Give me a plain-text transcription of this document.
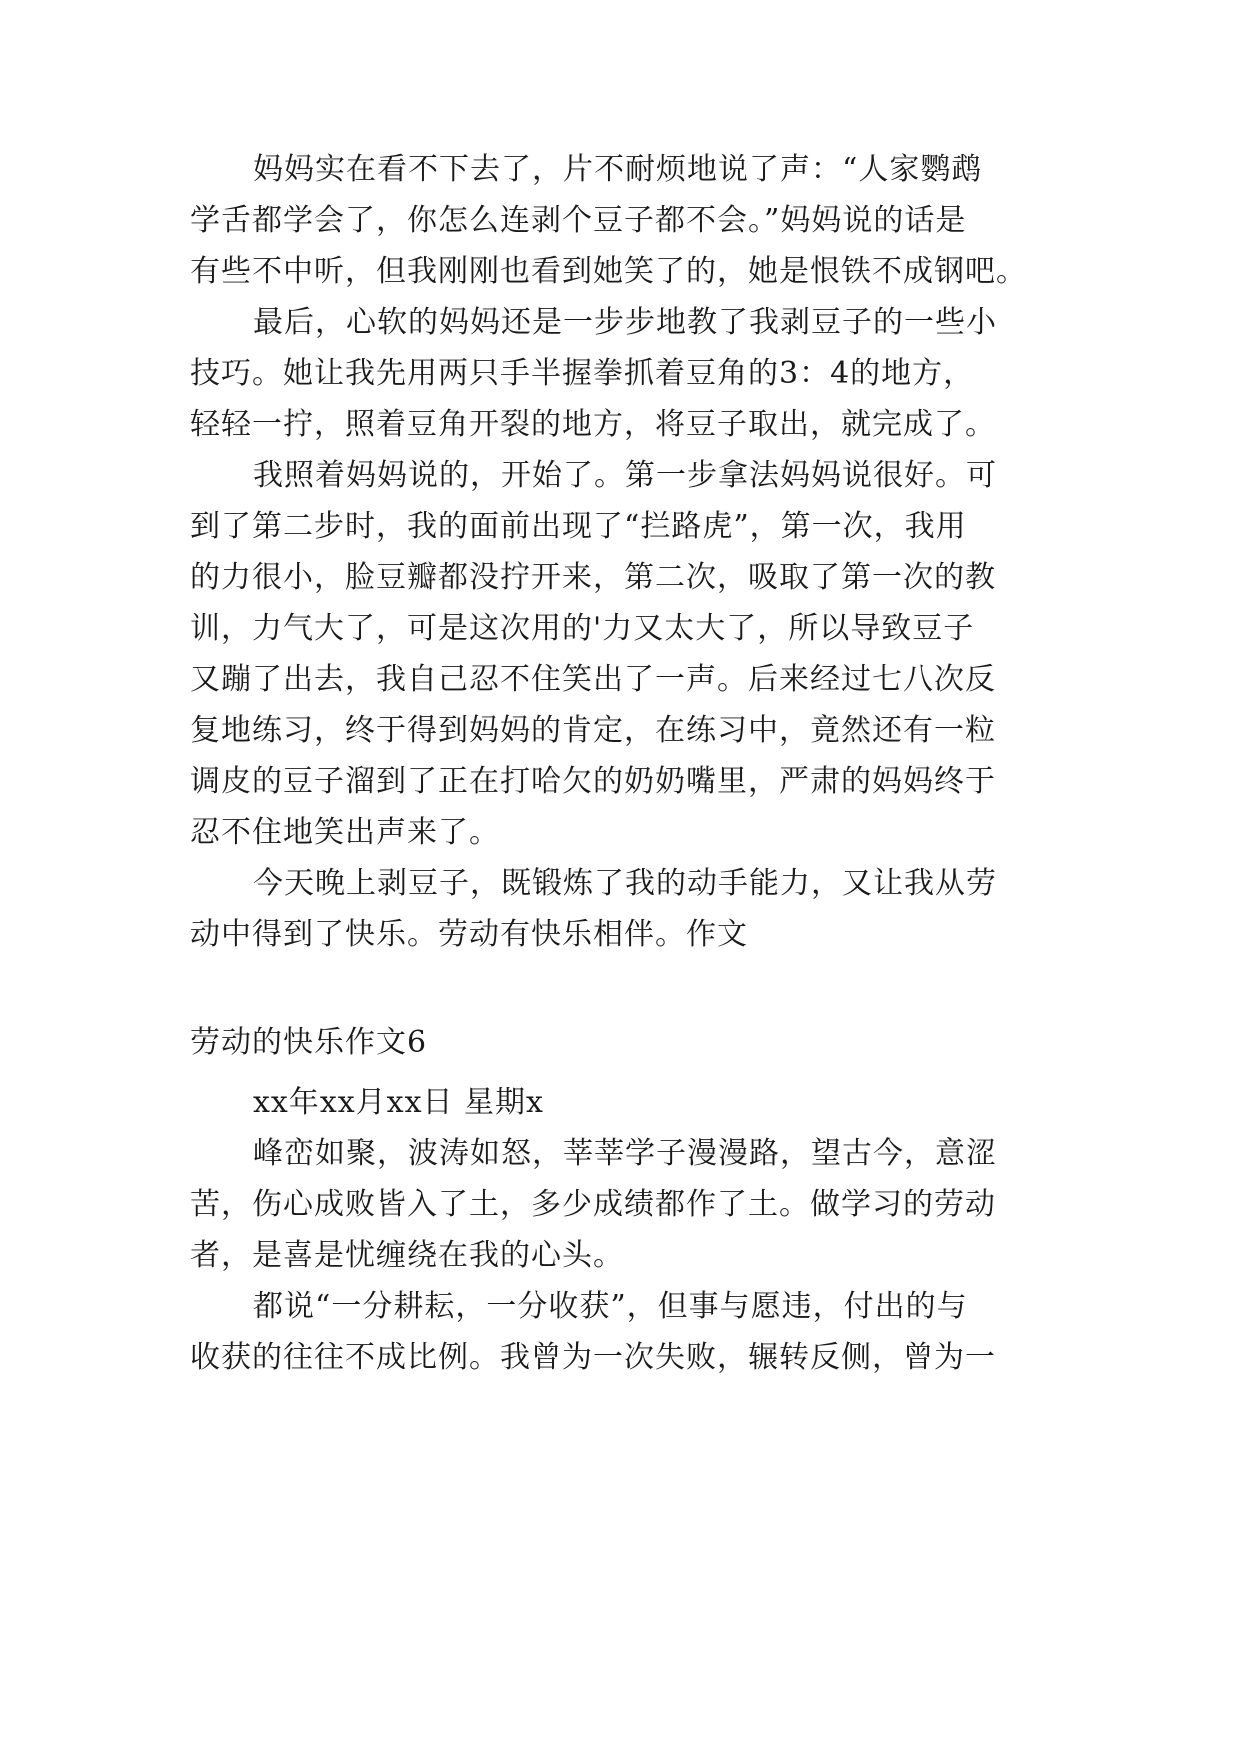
妈妈实在看不下去了，片不耐烦地说了声：“人家鹦鹉
学舌都学会了，你怎么连剥个豆子都不会。”妈妈说的话是
有些不中听，但我刚刚也看到她笑了的，她是恨铁不成钢吧。
最后，心软的妈妈还是一步步地教了我剥豆子的一些小
技巧。她让我先用两只手半握拳抓着豆角的3：4的地方，
轻轻一拧，照着豆角开裂的地方，将豆子取出，就完成了。
我照着妈妈说的，开始了。第一步拿法妈妈说很好。可
到了第二步时，我的面前出现了“拦路虎”，第一次，我用
的力很小，脸豆瓣都没拧开来，第二次，吸取了第一次的教
训，力气大了，可是这次用的'力又太大了，所以导致豆子
又蹦了出去，我自己忍不住笑出了一声。后来经过七八次反
复地练习，终于得到妈妈的肯定，在练习中，竟然还有一粒
调皮的豆子溜到了正在打哈欠的奶奶嘴里，严肃的妈妈终于
忍不住地笑出声来了。
今天晚上剥豆子，既锻炼了我的动手能力，又让我从劳
动中得到了快乐。劳动有快乐相伴。作文
劳动的快乐作文6
xx年xx月xx日 星期x
峰峦如聚，波涛如怒，莘莘学子漫漫路，望古今，意涩
苦，伤心成败皆入了土，多少成绩都作了土。做学习的劳动
者，是喜是忧缠绕在我的心头。
都说“一分耕耘，一分收获”，但事与愿违，付出的与
收获的往往不成比例。我曾为一次失败，辗转反侧，曾为一
